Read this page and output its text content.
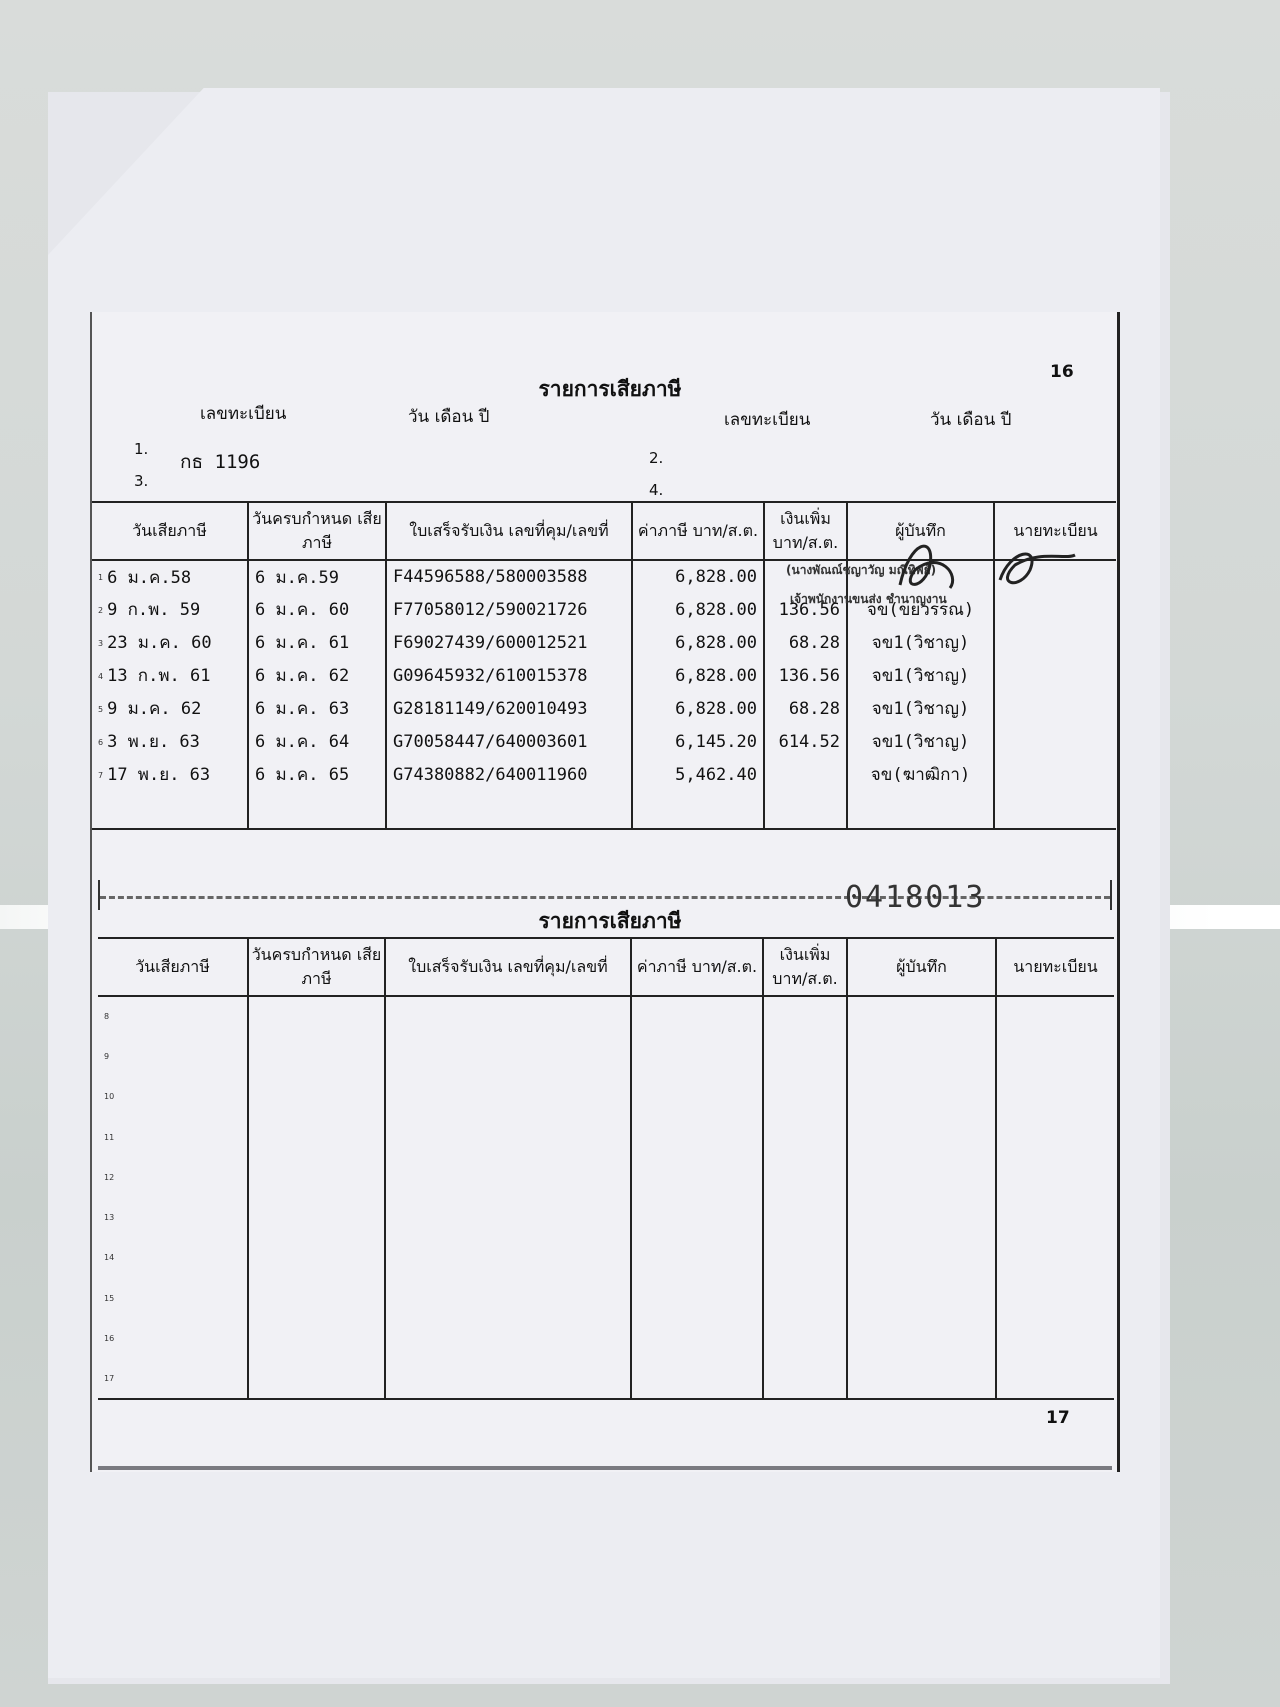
รายการเสียภาษี
16
เลขทะเบียน	วัน เดือน ปี	เลขทะเบียน	วัน เดือน ปี
1.
กธ 1196	2.
3.	4.
วันเสียภาษี	วันครบกำหนด เสียภาษี	ใบเสร็จรับเงิน เลขที่คุม/เลขที่	ค่าภาษี บาท/ส.ต.	เงินเพิ่ม บาท/ส.ต.	ผู้บันทึก	นายทะเบียน
1 6 ม.ค.58	6 ม.ค.59	F44596588/580003588	6,828.00			
2 9 ก.พ. 59	6 ม.ค. 60	F77058012/590021726	6,828.00	136.56	จข(ขยวรรณ)	
3 23 ม.ค. 60	6 ม.ค. 61	F69027439/600012521	6,828.00	68.28	จข1(วิชาญ)	
4 13 ก.พ. 61	6 ม.ค. 62	G09645932/610015378	6,828.00	136.56	จข1(วิชาญ)	
5 9 ม.ค. 62	6 ม.ค. 63	G28181149/620010493	6,828.00	68.28	จข1(วิชาญ)	
6 3 พ.ย. 63	6 ม.ค. 64	G70058447/640003601	6,145.20	614.52	จข1(วิชาญ)	
7 17 พ.ย. 63	6 ม.ค. 65	G74380882/640011960	5,462.40		จข(ฆาฒิกา)	

(นางพัณณ์ชญาวัญ มณีทิพย์)
เจ้าพนักงานขนส่ง ชำนาญงาน
0418013
รายการเสียภาษี
วันเสียภาษี	วันครบกำหนด เสียภาษี	ใบเสร็จรับเงิน เลขที่คุม/เลขที่	ค่าภาษี บาท/ส.ต.	เงินเพิ่ม บาท/ส.ต.	ผู้บันทึก	นายทะเบียน
8						
9						
10						
11						
12						
13						
14						
15						
16						
17						
17
